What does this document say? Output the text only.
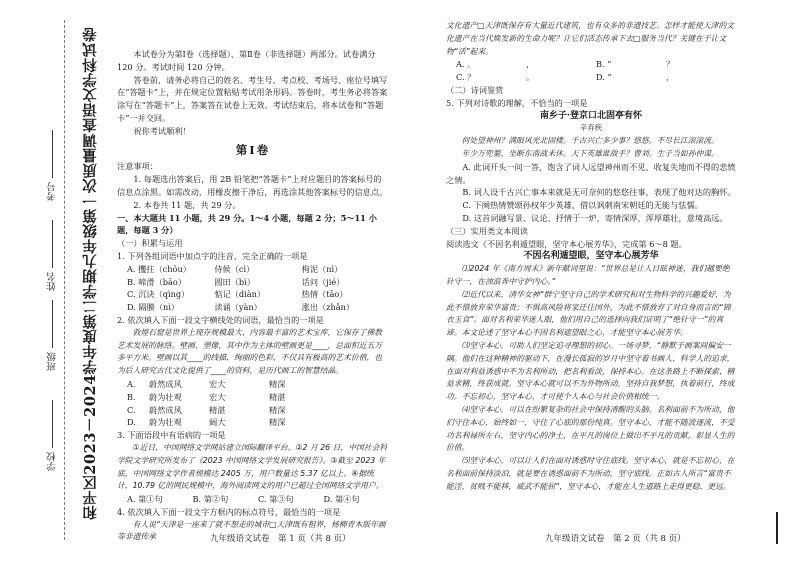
学校
班级
姓名
考号 和平区2023－2024学年度第二学期九年级第一次质量调查语文学科试卷	本试卷分为第Ⅰ卷（选择题）、第Ⅱ卷（非选择题）两部分。试卷满分 120 分。考试时间 120 分钟。

答卷前，请务必将自己的姓名、考生号、考点校、考场号、座位号填写在“答题卡”上，并在规定位置粘贴考试用条形码。答卷时，考生务必将答案涂写在“答题卡”上，答案答在试卷上无效。考试结束后，将本试卷和“答题卡”一并交回。

祝你考试顺利！

第Ⅰ卷

注意事项：

1. 每题选出答案后，用 2B 铅笔把“答题卡”上对应题目的答案标号的信息点涂黑。如需改动，用橡皮擦干净后，再选涂其他答案标号的信息点。

2. 本卷共 11 题，共 29 分。

一、本大题共 11 小题，共 29 分。1～4 小题，每题 2 分；5～11 小题，每题 3 分）

（一）积累与运用

1. 下列各组词语中加点字的注音，完全正确的一项是

A. 攫拄（chōu）	侍候（cì）	枸泥（nì）
B. 啼滑（bāo）	圆田（bì）	话问（jié）
C. 沉诀（qìng）	惦记（diàn）	热情（tāo）
D. 隔膜（nì）	读诵（yàn）	涨出（zhǎn）

2. 依次填入下面一段文字横线处的词语，最恰当的一项是

敦煌石窟是世界上现存规模最大、内容最丰富的艺术宝库，它保存了佛教艺术发展的脉络。壁画、塑像，其中作为主体的壁画更是____，总面积近五万多平方米。壁画以其____的线描、绚丽的色彩，不仅具有极高的艺术价值，也为后人研究古代文化提供了____的资料，是历代画工的智慧结晶。

A.	蔚然成风	宏大	精深
B.	蔚为壮观	宏大	精湛
C.	蔚然成风	精湛	精深
D.	蔚为壮观	阔大	精深

3. 下面语段中有语病的一项是

①近日，中国网络文学网站建立国际翻译平台。②2 月 26 日，中国社会科学院文学研究所发布了《2023 中国网络文学发展研究报告》。③截至 2023 年底，中国网络文学作者规模达 2405 万，用户数量达 5.37 亿以上。④据统计，10.79 亿的网民规模中，海外阅读网文的用户已超过全国网络文学用户。

A. 第①句	B. 第②句	C. 第③句	D. 第④句

4. 依次填入下面一段文字方框内的标点符号，最恰当的一项是

有人说“天津是一座来了就不想走的城市□天津既有租界，杨柳青木版年画等非遗传承

文化遗产□天津既保存有大量近代建筑，也有众多的非遗技艺。怎样才能使天津的文化遗产在当代焕发新的生命力呢？让它们活态传承下去□服务当代？关键在于让文物“活”起来。

A. 。	，	B. ”	？
C. ？	。	D. ”	，

（二）诗词鉴赏

5. 下列对诗歌的理解，不恰当的一项是

南乡子·登京口北固亭有怀

辛弃疾

何处望神州？满眼风光北固楼。千古兴亡多少事？悠悠。不尽长江滚滚流。

年少万兜鍪，坐断东南战未休。天下英雄谁敌手？曹刘。生子当如孙仲谋。

A. 此词开头一问一答，饱含了词人远望神州而不见、收复失地而不得的悲愤之情。

B. 词人设千古兴亡事本来就是无可奈何的悠悠往事，表现了他对达的胸怀。

C. 下阕热情赞颂孙权年少英雄，借以讽刺南宋朝廷的无能与怯懦。

D. 这首词融写景、议论、抒情于一炉，寄情深厚，浑厚雄壮，意境高远。

（三）实用类文本阅读

阅读选文《不因名利遁望眼，坚守本心展芳华》，完成第 6～8 题。

不因名利遁望眼，坚守本心展芳华

⑴2024 年《南方周末》新年献词里说：“世界总是让人目眩神迷，我们越要绝针守一，在浊浪奔中守护内心。”

⑵近代以来，清华女神“群宁坚守自己的学术研究和对生物科学的兴趣爱好，为此不惜放弃荣华富贵；不惧高风险将家迁往国外，为此不惜放弃了对自身而言的“锦衣玉食”。面对名利荣华迷人眼，他们用自己的选择向我们证明了“绝针守一”的真谛。本文论述了坚守本心不因名利遮望眼之心，才能坚守本心展芳华。

⑶坚守本心，可助人们坚定追寻理想的初心。一场寻梦，“静默于画案间偏安一隅。他们在这种精神的驱动下，在漫长孤寂的岁月中坚守着书画人、科学人的追求，在面对利益诱惑中不为名利所动，把名利看淡，保持本心。在这条路上不断探索、精益求精，终获成就。坚守本心就可以不为外物所动，坚持自我梦想，执着前行，终成功。不忘初心，坚守本心，才可使个人本心与社会价值相统一。

⑷坚守本心，可以在纷繁复杂的社会中保持清醒的头脑。名利面前不为所动，他们守住本心，始终如一，守住了心底的那份纯真。坚守本心，才能不随波逐流，不受功名利禄所左右，坚守内心的净土，在平凡的岗位上做出不平凡的贡献，彰显人生的价值。

⑸坚守本心，可以让人们在面对诱惑时守住底线。坚守本心，就是不忘初心，在名利面前保持淡泊，就是要在诱惑面前不为所动，坚守底线。正如古人所言“富贵不能淫，贫贱不能移，威武不能屈”，坚守本心，才能在人生道路上走得更稳、更远。

九年级语文试卷　第 1 页（共 8 页）	九年级语文试卷　第 2 页（共 8 页）
